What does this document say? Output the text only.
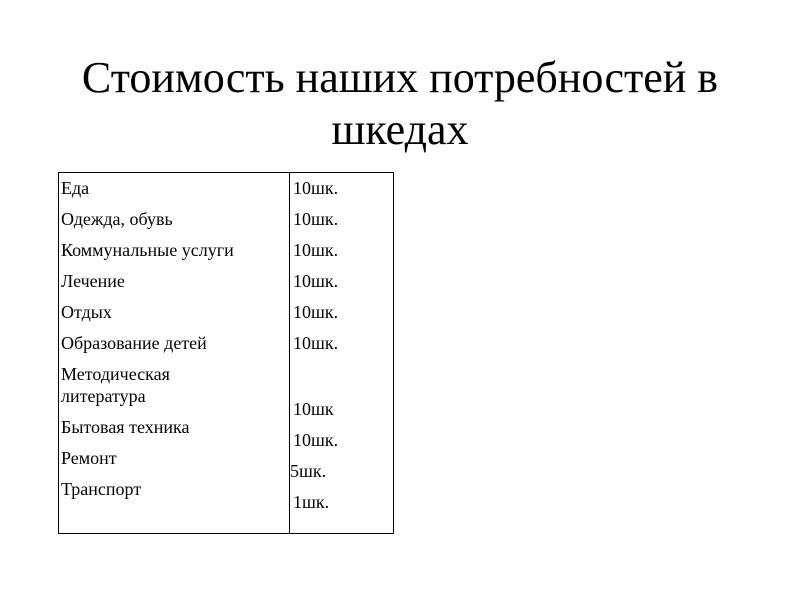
Стоимость наших потребностей в шкедах
Еда
Одежда, обувь
Коммунальные услуги
Лечение
Отдых
Образование детей
Методическая литература
Бытовая техника
Ремонт
Транспорт
10шк.
10шк.
10шк.
10шк.
10шк.
10шк.
10шк
10шк.
5шк.
1шк.
